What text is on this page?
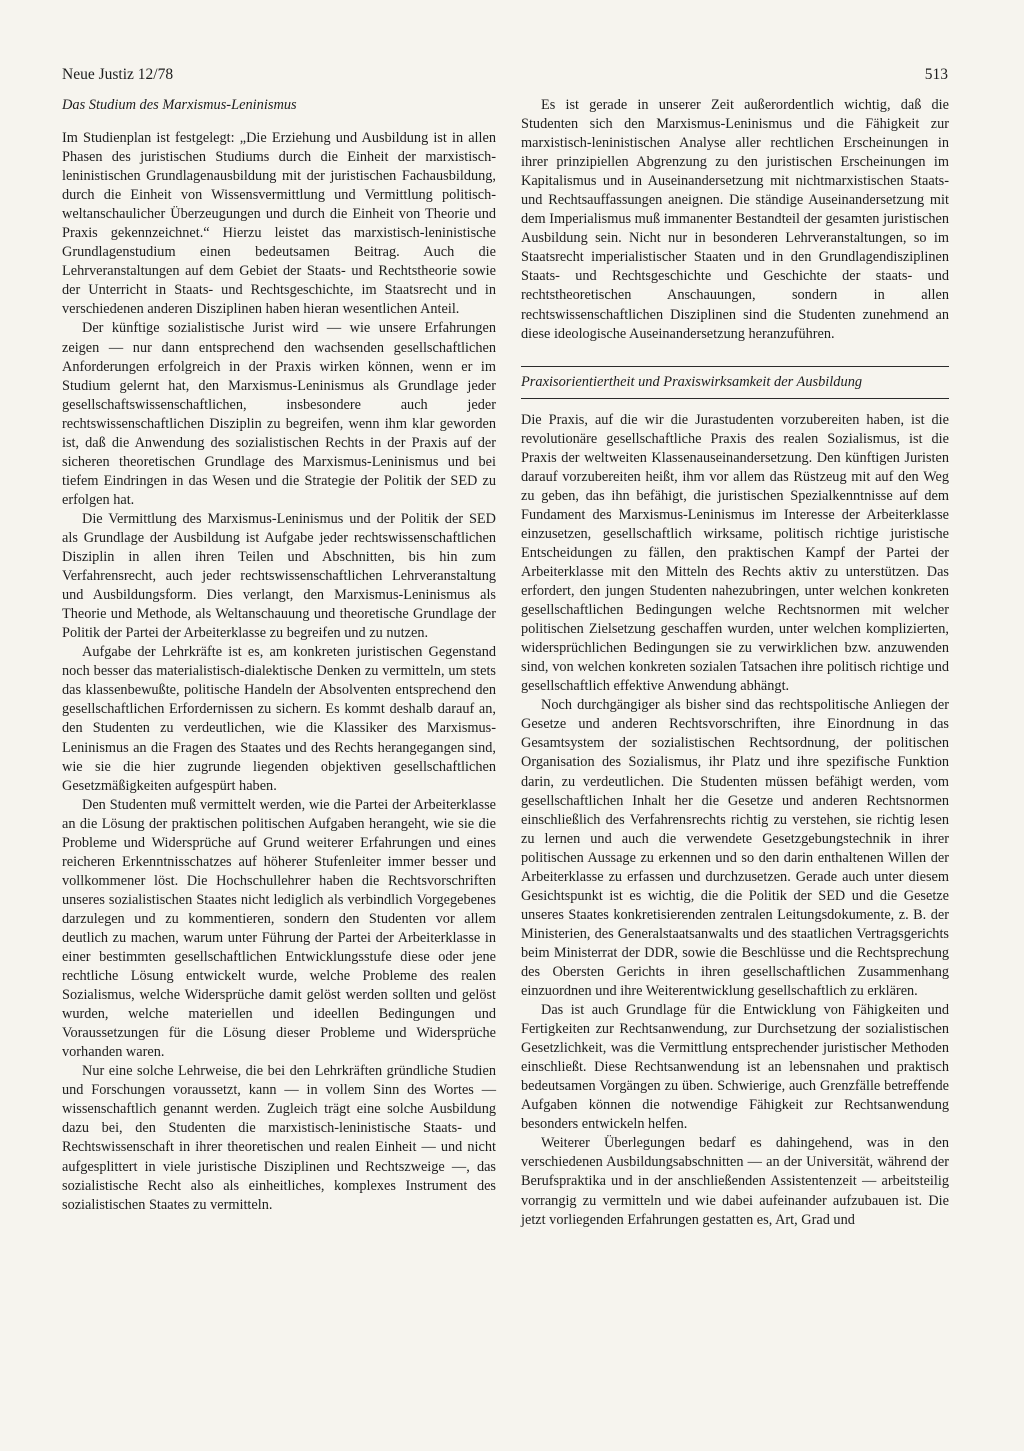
Neue Justiz 12/78	513
Das Studium des Marxismus-Leninismus

Im Studienplan ist festgelegt: „Die Erziehung und Ausbildung ist in allen Phasen des juristischen Studiums durch die Einheit der marxistisch-leninistischen Grundlagenausbildung mit der juristischen Fachausbildung, durch die Einheit von Wissensvermittlung und Vermittlung politisch-weltanschaulicher Überzeugungen und durch die Einheit von Theorie und Praxis gekennzeichnet.“ Hierzu leistet das marxistisch-leninistische Grundlagenstudium einen bedeutsamen Beitrag. Auch die Lehrveranstaltungen auf dem Gebiet der Staats- und Rechtstheorie sowie der Unterricht in Staats- und Rechtsgeschichte, im Staatsrecht und in verschiedenen anderen Disziplinen haben hieran wesentlichen Anteil.

Der künftige sozialistische Jurist wird — wie unsere Erfahrungen zeigen — nur dann entsprechend den wachsenden gesellschaftlichen Anforderungen erfolgreich in der Praxis wirken können, wenn er im Studium gelernt hat, den Marxismus-Leninismus als Grundlage jeder gesellschaftswissenschaftlichen, insbesondere auch jeder rechtswissenschaftlichen Disziplin zu begreifen, wenn ihm klar geworden ist, daß die Anwendung des sozialistischen Rechts in der Praxis auf der sicheren theoretischen Grundlage des Marxismus-Leninismus und bei tiefem Eindringen in das Wesen und die Strategie der Politik der SED zu erfolgen hat.

Die Vermittlung des Marxismus-Leninismus und der Politik der SED als Grundlage der Ausbildung ist Aufgabe jeder rechtswissenschaftlichen Disziplin in allen ihren Teilen und Abschnitten, bis hin zum Verfahrensrecht, auch jeder rechtswissenschaftlichen Lehrveranstaltung und Ausbildungsform. Dies verlangt, den Marxismus-Leninismus als Theorie und Methode, als Weltanschauung und theoretische Grundlage der Politik der Partei der Arbeiterklasse zu begreifen und zu nutzen.

Aufgabe der Lehrkräfte ist es, am konkreten juristischen Gegenstand noch besser das materialistisch-dialektische Denken zu vermitteln, um stets das klassenbewußte, politische Handeln der Absolventen entsprechend den gesellschaftlichen Erfordernissen zu sichern. Es kommt deshalb darauf an, den Studenten zu verdeutlichen, wie die Klassiker des Marxismus-Leninismus an die Fragen des Staates und des Rechts herangegangen sind, wie sie die hier zugrunde liegenden objektiven gesellschaftlichen Gesetzmäßigkeiten aufgespürt haben.

Den Studenten muß vermittelt werden, wie die Partei der Arbeiterklasse an die Lösung der praktischen politischen Aufgaben herangeht, wie sie die Probleme und Widersprüche auf Grund weiterer Erfahrungen und eines reicheren Erkenntnisschatzes auf höherer Stufenleiter immer besser und vollkommener löst. Die Hochschullehrer haben die Rechtsvorschriften unseres sozialistischen Staates nicht lediglich als verbindlich Vorgegebenes darzulegen und zu kommentieren, sondern den Studenten vor allem deutlich zu machen, warum unter Führung der Partei der Arbeiterklasse in einer bestimmten gesellschaftlichen Entwicklungsstufe diese oder jene rechtliche Lösung entwickelt wurde, welche Probleme des realen Sozialismus, welche Widersprüche damit gelöst werden sollten und gelöst wurden, welche materiellen und ideellen Bedingungen und Voraussetzungen für die Lösung dieser Probleme und Widersprüche vorhanden waren.

Nur eine solche Lehrweise, die bei den Lehrkräften gründliche Studien und Forschungen voraussetzt, kann — in vollem Sinn des Wortes — wissenschaftlich genannt werden. Zugleich trägt eine solche Ausbildung dazu bei, den Studenten die marxistisch-leninistische Staats- und Rechtswissenschaft in ihrer theoretischen und realen Einheit — und nicht aufgesplittert in viele juristische Disziplinen und Rechtszweige —, das sozialistische Recht also als einheitliches, komplexes Instrument des sozialistischen Staates zu vermitteln.

Es ist gerade in unserer Zeit außerordentlich wichtig, daß die Studenten sich den Marxismus-Leninismus und die Fähigkeit zur marxistisch-leninistischen Analyse aller rechtlichen Erscheinungen in ihrer prinzipiellen Abgrenzung zu den juristischen Erscheinungen im Kapitalismus und in Auseinandersetzung mit nichtmarxistischen Staats- und Rechtsauffassungen aneignen. Die ständige Auseinandersetzung mit dem Imperialismus muß immanenter Bestandteil der gesamten juristischen Ausbildung sein. Nicht nur in besonderen Lehrveranstaltungen, so im Staatsrecht imperialistischer Staaten und in den Grundlagendisziplinen Staats- und Rechtsgeschichte und Geschichte der staats- und rechtstheoretischen Anschauungen, sondern in allen rechtswissenschaftlichen Disziplinen sind die Studenten zunehmend an diese ideologische Auseinandersetzung heranzuführen.

Praxisorientiertheit und Praxiswirksamkeit der Ausbildung

Die Praxis, auf die wir die Jurastudenten vorzubereiten haben, ist die revolutionäre gesellschaftliche Praxis des realen Sozialismus, ist die Praxis der weltweiten Klassenauseinandersetzung. Den künftigen Juristen darauf vorzubereiten heißt, ihm vor allem das Rüstzeug mit auf den Weg zu geben, das ihn befähigt, die juristischen Spezialkenntnisse auf dem Fundament des Marxismus-Leninismus im Interesse der Arbeiterklasse einzusetzen, gesellschaftlich wirksame, politisch richtige juristische Entscheidungen zu fällen, den praktischen Kampf der Partei der Arbeiterklasse mit den Mitteln des Rechts aktiv zu unterstützen. Das erfordert, den jungen Studenten nahezubringen, unter welchen konkreten gesellschaftlichen Bedingungen welche Rechtsnormen mit welcher politischen Zielsetzung geschaffen wurden, unter welchen komplizierten, widersprüchlichen Bedingungen sie zu verwirklichen bzw. anzuwenden sind, von welchen konkreten sozialen Tatsachen ihre politisch richtige und gesellschaftlich effektive Anwendung abhängt.

Noch durchgängiger als bisher sind das rechtspolitische Anliegen der Gesetze und anderen Rechtsvorschriften, ihre Einordnung in das Gesamtsystem der sozialistischen Rechtsordnung, der politischen Organisation des Sozialismus, ihr Platz und ihre spezifische Funktion darin, zu verdeutlichen. Die Studenten müssen befähigt werden, vom gesellschaftlichen Inhalt her die Gesetze und anderen Rechtsnormen einschließlich des Verfahrensrechts richtig zu verstehen, sie richtig lesen zu lernen und auch die verwendete Gesetzgebungstechnik in ihrer politischen Aussage zu erkennen und so den darin enthaltenen Willen der Arbeiterklasse zu erfassen und durchzusetzen. Gerade auch unter diesem Gesichtspunkt ist es wichtig, die die Politik der SED und die Gesetze unseres Staates konkretisierenden zentralen Leitungsdokumente, z. B. der Ministerien, des Generalstaatsanwalts und des staatlichen Vertragsgerichts beim Ministerrat der DDR, sowie die Beschlüsse und die Rechtsprechung des Obersten Gerichts in ihren gesellschaftlichen Zusammenhang einzuordnen und ihre Weiterentwicklung gesellschaftlich zu erklären.

Das ist auch Grundlage für die Entwicklung von Fähigkeiten und Fertigkeiten zur Rechtsanwendung, zur Durchsetzung der sozialistischen Gesetzlichkeit, was die Vermittlung entsprechender juristischer Methoden einschließt. Diese Rechtsanwendung ist an lebensnahen und praktisch bedeutsamen Vorgängen zu üben. Schwierige, auch Grenzfälle betreffende Aufgaben können die notwendige Fähigkeit zur Rechtsanwendung besonders entwickeln helfen.

Weiterer Überlegungen bedarf es dahingehend, was in den verschiedenen Ausbildungsabschnitten — an der Universität, während der Berufspraktika und in der anschließenden Assistentenzeit — arbeitsteilig vorrangig zu vermitteln und wie dabei aufeinander aufzubauen ist. Die jetzt vorliegenden Erfahrungen gestatten es, Art, Grad und
